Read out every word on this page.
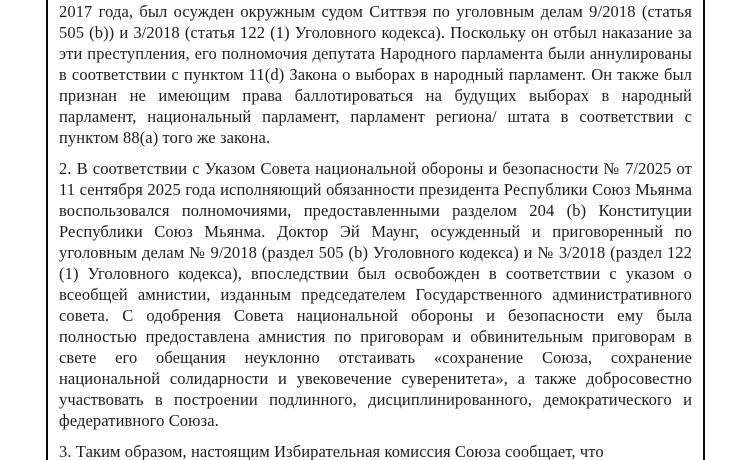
2017 года, был осужден окружным судом Ситтвэя по уголовным делам 9/2018 (статья 505 (b)) и 3/2018 (статья 122 (1) Уголовного кодекса). Поскольку он отбыл наказание за эти преступления, его полномочия депутата Народного парламента были аннулированы в соответствии с пунктом 11(d) Закона о выборах в народный парламент. Он также был признан не имеющим права баллотироваться на будущих выборах в народный парламент, национальный парламент, парламент региона/ штата в соответствии с пунктом 88(а) того же закона.

2. В соответствии с Указом Совета национальной обороны и безопасности № 7/2025 от 11 сентября 2025 года исполняющий обязанности президента Республики Союз Мьянма воспользовался полномочиями, предоставленными разделом 204 (b) Конституции Республики Союз Мьянма. Доктор Эй Маунг, осужденный и приговоренный по уголовным делам № 9/2018 (раздел 505 (b) Уголовного кодекса) и № 3/2018 (раздел 122 (1) Уголовного кодекса), впоследствии был освобожден в соответствии с указом о всеобщей амнистии, изданным председателем Государственного административного совета. С одобрения Совета национальной обороны и безопасности ему была полностью предоставлена амнистия по приговорам и обвинительным приговорам в свете его обещания неуклонно отстаивать «сохранение Союза, сохранение национальной солидарности и увековечение суверенитета», а также добросовестно участвовать в построении подлинного, дисциплинированного, демократического и федеративного Союза.

3. Таким образом, настоящим Избирательная комиссия Союза сообщает, что
